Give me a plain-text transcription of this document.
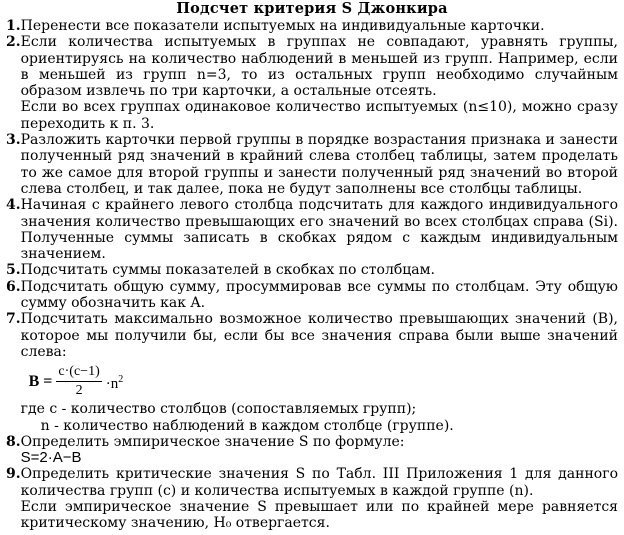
Подсчет критерия S Джонкира
1. Перенести все показатели испытуемых на индивидуальные карточки.

2. Если количества испытуемых в группах не совпадают, уравнять группы, ориентируясь на количество наблюдений в меньшей из групп. Например, если в меньшей из групп n=3, то из остальных групп необходимо случайным образом извлечь по три карточки, а остальные отсеять.

Если во всех группах одинаковое количество испытуемых (n≤10), можно сразу переходить к п. 3.

3. Разложить карточки первой группы в порядке возрастания признака и занести полученный ряд значений в крайний слева столбец таблицы, затем проделать то же самое для второй группы и занести полученный ряд значений во второй слева столбец, и так далее, пока не будут заполнены все столбцы таблицы.

4. Начиная с крайнего левого столбца подсчитать для каждого индивидуального значения количество превышающих его значений во всех столбцах справа (Si). Полученные суммы записать в скобках рядом с каждым индивидуальным значением.

5. Подсчитать суммы показателей в скобках по столбцам.

6. Подсчитать общую сумму, просуммировав все суммы по столбцам. Эту общую сумму обозначить как A.

7. Подсчитать максимально возможное количество превышающих значений (B), которое мы получили бы, если бы все значения справа были выше значений слева:

$B = \frac{c\cdot(c-1)}{2} \cdot n^2$

где c - количество столбцов (сопоставляемых групп);

n - количество наблюдений в каждом столбце (группе).

8. Определить эмпирическое значение S по формуле:

S=2·A−B

9. Определить критические значения S по Табл. III Приложения 1 для данного количества групп (c) и количества испытуемых в каждой группе (n).

Если эмпирическое значение S превышает или по крайней мере равняется критическому значению, H₀ отвергается.
